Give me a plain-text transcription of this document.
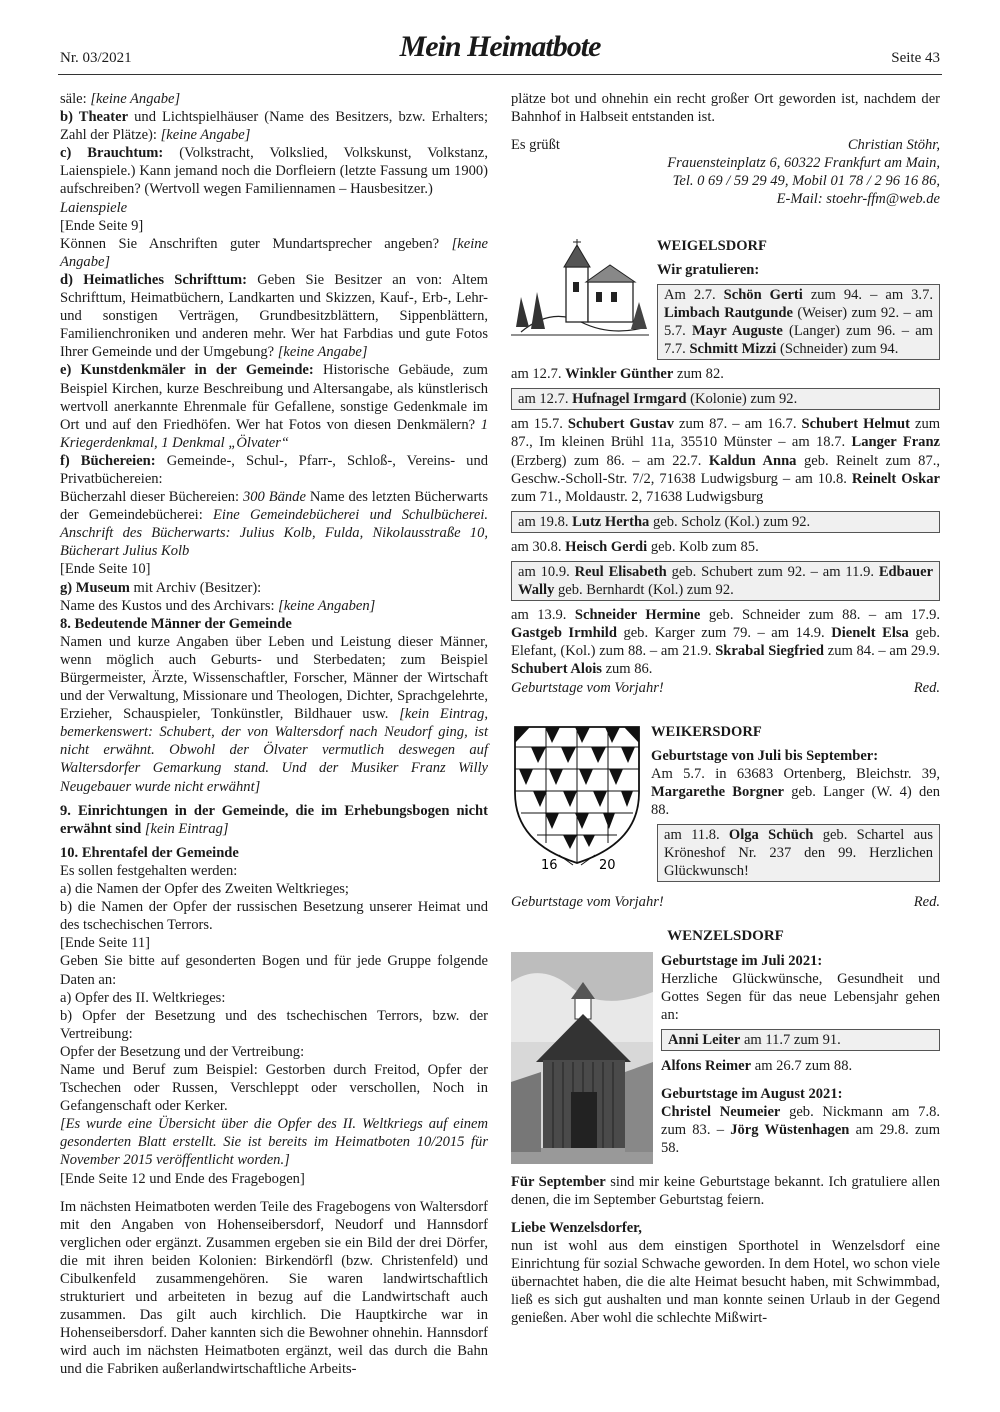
Nr. 03/2021	Mein Heimatbote	Seite 43

säle: [keine Angabe]

b) Theater und Lichtspielhäuser (Name des Besitzers, bzw. Erhalters; Zahl der Plätze): [keine Angabe]

c) Brauchtum: (Volkstracht, Volkslied, Volkskunst, Volkstanz, Laienspiele.) Kann jemand noch die Dorfleiern (letzte Fassung um 1900) aufschreiben? (Wertvoll wegen Familiennamen – Hausbesitzer.)
Laienspiele

[Ende Seite 9]

Können Sie Anschriften guter Mundartsprecher angeben? [keine Angabe]

d) Heimatliches Schrifttum: Geben Sie Besitzer an von: Altem Schrifttum, Heimatbüchern, Landkarten und Skizzen, Kauf-, Erb-, Lehr- und sonstigen Verträgen, Grundbesitzblättern, Sippenblättern, Familienchroniken und anderen mehr. Wer hat Farbdias und gute Fotos Ihrer Gemeinde und der Umgebung? [keine Angabe]

e) Kunstdenkmäler in der Gemeinde: Historische Gebäude, zum Beispiel Kirchen, kurze Beschreibung und Altersangabe, als künstlerisch wertvoll anerkannte Ehrenmale für Gefallene, sonstige Gedenkmale im Ort und auf den Friedhöfen. Wer hat Fotos von diesen Denkmälern? 1 Kriegerdenkmal, 1 Denkmal „Ölvater“

f) Büchereien: Gemeinde-, Schul-, Pfarr-, Schloß-, Vereins- und Privatbüchereien:

Bücherzahl dieser Büchereien: 300 Bände Name des letzten Bücherwarts der Gemeindebücherei: Eine Gemeindebücherei und Schulbücherei. Anschrift des Bücherwarts: Julius Kolb, Fulda, Nikolausstraße 10, Bücherart Julius Kolb

[Ende Seite 10]

g) Museum mit Archiv (Besitzer):

Name des Kustos und des Archivars: [keine Angaben]

8. Bedeutende Männer der Gemeinde

Namen und kurze Angaben über Leben und Leistung dieser Männer, wenn möglich auch Geburts- und Sterbedaten; zum Beispiel Bürgermeister, Ärzte, Wissenschaftler, Forscher, Männer der Wirtschaft und der Verwaltung, Missionare und Theologen, Dichter, Sprachgelehrte, Erzieher, Schauspieler, Tonkünstler, Bildhauer usw. [kein Eintrag, bemerkenswert: Schubert, der von Waltersdorf nach Neudorf ging, ist nicht erwähnt. Obwohl der Ölvater vermutlich deswegen auf Waltersdorfer Gemarkung stand. Und der Musiker Franz Willy Neugebauer wurde nicht erwähnt]

9. Einrichtungen in der Gemeinde, die im Erhebungsbogen nicht erwähnt sind [kein Eintrag]

10. Ehrentafel der Gemeinde

Es sollen festgehalten werden:

a) die Namen der Opfer des Zweiten Weltkrieges;

b) die Namen der Opfer der russischen Besetzung unserer Heimat und des tschechischen Terrors.

[Ende Seite 11]

Geben Sie bitte auf gesonderten Bogen und für jede Gruppe folgende Daten an:

a) Opfer des II. Weltkrieges:

b) Opfer der Besetzung und des tschechischen Terrors, bzw. der Vertreibung:

Opfer der Besetzung und der Vertreibung:

Name und Beruf zum Beispiel: Gestorben durch Freitod, Opfer der Tschechen oder Russen, Verschleppt oder verschollen, Noch in Gefangenschaft oder Kerker.

[Es wurde eine Übersicht über die Opfer des II. Weltkriegs auf einem gesonderten Blatt erstellt. Sie ist bereits im Heimatboten 10/2015 für November 2015 veröffentlicht worden.]

[Ende Seite 12 und Ende des Fragebogen]

Im nächsten Heimatboten werden Teile des Fragebogens von Waltersdorf mit den Angaben von Hohenseibersdorf, Neudorf und Hannsdorf verglichen oder ergänzt. Zusammen ergeben sie ein Bild der drei Dörfer, die mit ihren beiden Kolonien: Birkendörfl (bzw. Christenfeld) und Cibulkenfeld zusammengehören. Sie waren landwirtschaftlich strukturiert und arbeiteten in bezug auf die Landwirtschaft auch zusammen. Das gilt auch kirchlich. Die Hauptkirche war in Hohenseibersdorf. Daher kannten sich die Bewohner ohnehin. Hannsdorf wird auch im nächsten Heimatboten ergänzt, weil das durch die Bahn und die Fabriken außerlandwirtschaftliche Arbeits-

plätze bot und ohnehin ein recht großer Ort geworden ist, nachdem der Bahnhof in Halbseit entstanden ist.

Es grüßt	Christian Stöhr,

Frauensteinplatz 6, 60322 Frankfurt am Main,

Tel. 0 69 / 59 29 49, Mobil 01 78 / 2 96 16 86,

E-Mail: stoehr-ffm@web.de

WEIGELSDORF

Wir gratulieren:

Am 2.7. Schön Gerti zum 94. – am 3.7. Limbach Rautgunde (Weiser) zum 92. – am 5.7. Mayr Auguste (Langer) zum 96. – am 7.7. Schmitt Mizzi (Schneider) zum 94.

am 12.7. Winkler Günther zum 82.

am 12.7. Hufnagel Irmgard (Kolonie) zum 92.

am 15.7. Schubert Gustav zum 87. – am 16.7. Schubert Helmut zum 87., Im kleinen Brühl 11a, 35510 Münster – am 18.7. Langer Franz (Erzberg) zum 86. – am 22.7. Kaldun Anna geb. Reinelt zum 87., Geschw.-Scholl-Str. 7/2, 71638 Ludwigsburg – am 10.8. Reinelt Oskar zum 71., Moldaustr. 2, 71638 Ludwigsburg

am 19.8. Lutz Hertha geb. Scholz (Kol.) zum 92.

am 30.8. Heisch Gerdi geb. Kolb zum 85.

am 10.9. Reul Elisabeth geb. Schubert zum 92. – am 11.9. Edbauer Wally geb. Bernhardt (Kol.) zum 92.

am 13.9. Schneider Hermine geb. Schneider zum 88. – am 17.9. Gastgeb Irmhild geb. Karger zum 79. – am 14.9. Dienelt Elsa geb. Elefant, (Kol.) zum 88. – am 21.9. Skrabal Siegfried zum 84. – am 29.9. Schubert Alois zum 86.

Geburtstage vom Vorjahr!	Red.
16	20

WEIKERSDORF

Geburtstage von Juli bis September:

Am 5.7. in 63683 Ortenberg, Bleichstr. 39, Margarethe Borgner geb. Langer (W. 4) den 88.

am 11.8. Olga Schüch geb. Schartel aus Kröneshof Nr. 237 den 99. Herzlichen Glückwunsch!
Geburtstage vom Vorjahr!	Red.

WENZELSDORF

Geburtstage im Juli 2021:

Herzliche Glückwünsche, Gesundheit und Gottes Segen für das neue Lebensjahr gehen an:

Anni Leiter am 11.7 zum 91.

Alfons Reimer am 26.7 zum 88.

Geburtstage im August 2021:

Christel Neumeier geb. Nickmann am 7.8. zum 83. – Jörg Wüstenhagen am 29.8. zum 58.

Für September sind mir keine Geburtstage bekannt. Ich gratuliere allen denen, die im September Geburtstag feiern.

Liebe Wenzelsdorfer,

nun ist wohl aus dem einstigen Sporthotel in Wenzelsdorf eine Einrichtung für sozial Schwache geworden. In dem Hotel, wo schon viele übernachtet haben, die die alte Heimat besucht haben, mit Schwimmbad, ließ es sich gut aushalten und man konnte seinen Urlaub in der Gegend genießen. Aber wohl die schlechte Mißwirt-
